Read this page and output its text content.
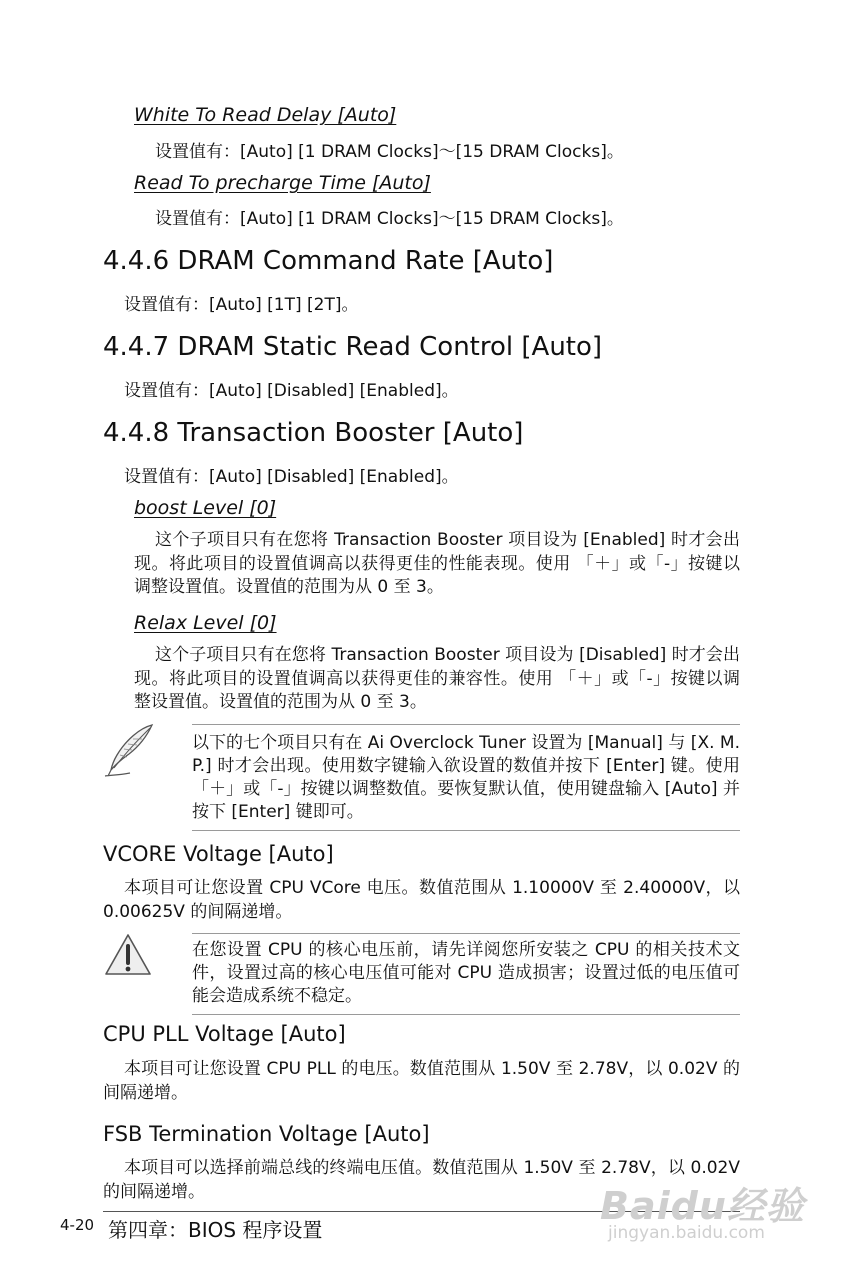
White To Read Delay [Auto]
设置值有：[Auto] [1 DRAM Clocks]～[15 DRAM Clocks]。
Read To precharge Time [Auto]
设置值有：[Auto] [1 DRAM Clocks]～[15 DRAM Clocks]。
4.4.6 DRAM Command Rate [Auto]
设置值有：[Auto] [1T] [2T]。
4.4.7 DRAM Static Read Control [Auto]
设置值有：[Auto] [Disabled] [Enabled]。
4.4.8 Transaction Booster [Auto]
设置值有：[Auto] [Disabled] [Enabled]。
boost Level [0]
这个子项目只有在您将 Transaction Booster 项目设为 [Enabled] 时才会出现。将此项目的设置值调高以获得更佳的性能表现。使用 「＋」或「-」按键以调整设置值。设置值的范围为从 0 至 3。
Relax Level [0]
这个子项目只有在您将 Transaction Booster 项目设为 [Disabled] 时才会出现。将此项目的设置值调高以获得更佳的兼容性。使用 「＋」或「-」按键以调整设置值。设置值的范围为从 0 至 3。
以下的七个项目只有在 Ai Overclock Tuner 设置为 [Manual] 与 [X. M. P.] 时才会出现。使用数字键输入欲设置的数值并按下 [Enter] 键。使用 「＋」或「-」按键以调整数值。要恢复默认值，使用键盘输入 [Auto] 并按下 [Enter] 键即可。
VCORE Voltage [Auto]
本项目可让您设置 CPU VCore 电压。数值范围从 1.10000V 至 2.40000V，以 0.00625V 的间隔递增。
在您设置 CPU 的核心电压前，请先详阅您所安装之 CPU 的相关技术文件，设置过高的核心电压值可能对 CPU 造成损害；设置过低的电压值可能会造成系统不稳定。
CPU PLL Voltage [Auto]
本项目可让您设置 CPU PLL 的电压。数值范围从 1.50V 至 2.78V，以 0.02V 的间隔递增。
FSB Termination Voltage [Auto]
本项目可以选择前端总线的终端电压值。数值范围从 1.50V 至 2.78V，以 0.02V 的间隔递增。
4-20 第四章：BIOS 程序设置
Baidu经验
jingyan.baidu.com
